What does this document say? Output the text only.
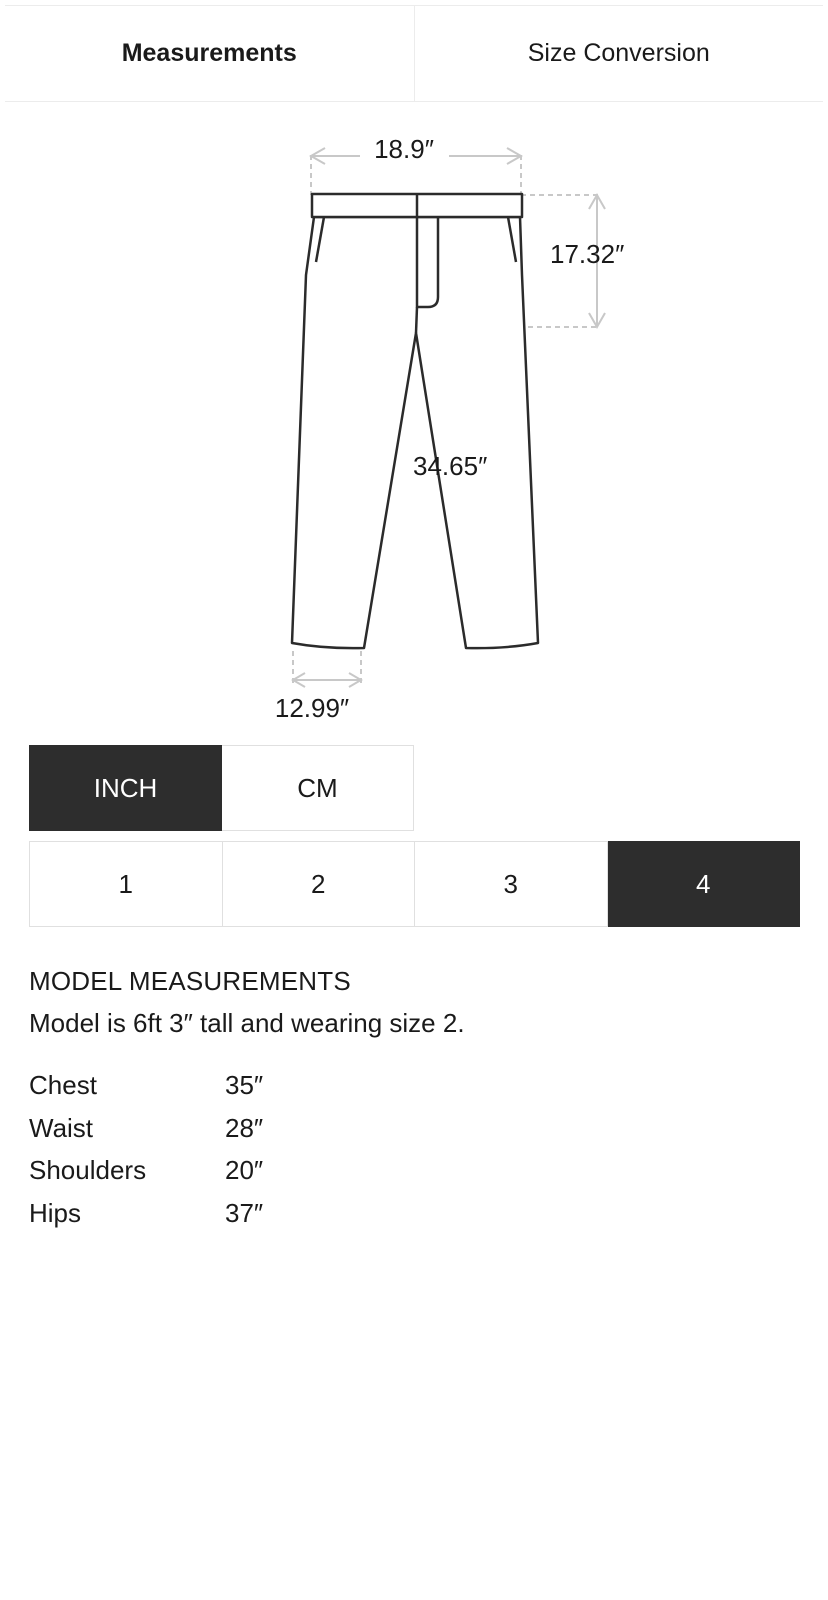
Measurements	Size Conversion
18.9″
17.32″
34.65″
12.99″
INCH	CM
1	2	3	4

MODEL MEASUREMENTS

Model is 6ft 3″ tall and wearing size 2.

Chest	35″
Waist	28″
Shoulders	20″
Hips	37″
